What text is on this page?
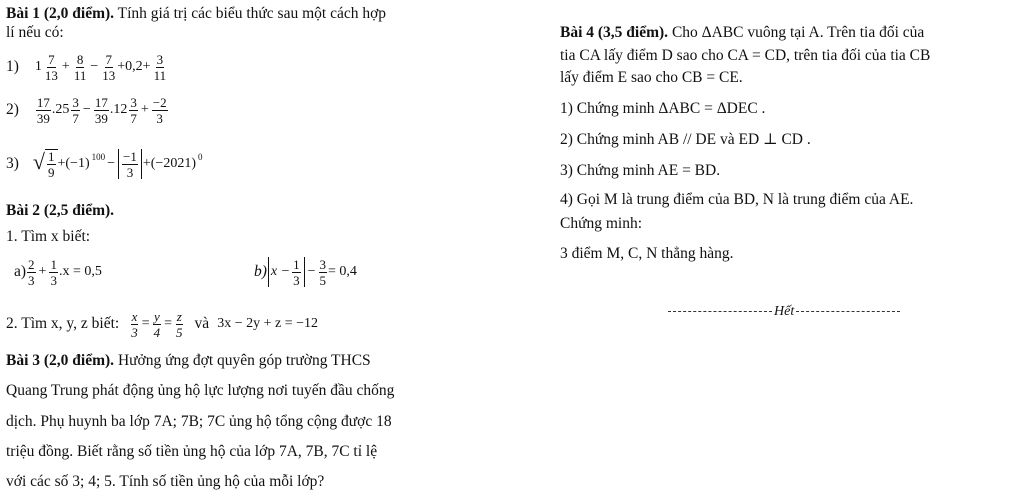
Bài 1 (2,0 điểm). Tính giá trị các biểu thức sau một cách hợp
lí nếu có:
1) 1 7
13
+ $\frac{8}{11} - \frac{7}{13} +0,2+ \frac{3}{11}$
2) 17
39
.25 3
7
− $\frac{17}{39} .12$ 3
7
+ $\frac{-2}{3}$
3) √ 1
9
+(−1) 100 − −1
3
+(−2021) 0
Bài 2 (2,5 điểm).
1. Tìm x biết:
a) 2
3
+ $\frac{1}{3} .x = 0,5$	b) $x - \frac{1}{3} - \frac{3}{5} = 0,4$
2. Tìm x, y, z biết: $\frac{x}{3} = \frac{y}{4} = \frac{z}{5}$ và 3x − 2y + z = −12
Bài 3 (2,0 điểm). Hưởng ứng đợt quyên góp trường THCS
Quang Trung phát động ủng hộ lực lượng nơi tuyến đầu chống
dịch. Phụ huynh ba lớp 7A; 7B; 7C ủng hộ tổng cộng được 18
triệu đồng. Biết rằng số tiền ủng hộ của lớp 7A, 7B, 7C tỉ lệ
với các số 3; 4; 5. Tính số tiền ủng hộ của mỗi lớp?
Bài 4 (3,5 điểm). Cho ΔABC vuông tại A. Trên tia đối của
tia CA lấy điểm D sao cho CA = CD, trên tia đối của tia CB
lấy điểm E sao cho CB = CE.
1) Chứng minh ΔABC = ΔDEC .
2) Chứng minh AB // DE và ED ⊥ CD .
3) Chứng minh AE = BD.
4) Gọi M là trung điểm của BD, N là trung điểm của AE.
Chứng minh:
3 điểm M, C, N thẳng hàng.
Hết
